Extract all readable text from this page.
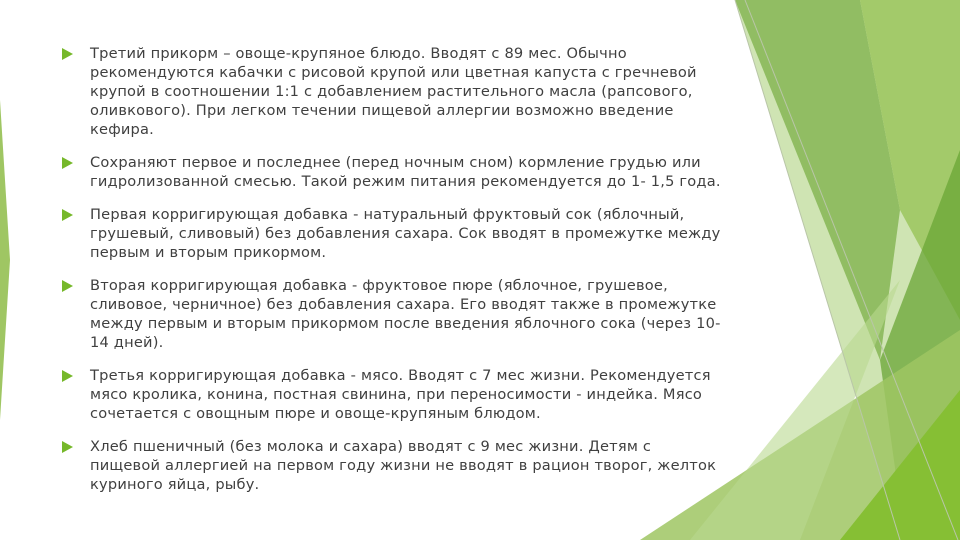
Третий прикорм – овоще-крупяное блюдо. Вводят с 89 мес. Обычно рекомендуются кабачки с рисовой крупой или цветная капуста с гречневой крупой в соотношении 1:1 с добавлением растительного масла (рапсового, оливкового). При легком течении пищевой аллергии возможно введение кефира.
Сохраняют первое и последнее (перед ночным сном) кормление грудью или гидролизованной смесью. Такой режим питания рекомендуется до 1- 1,5 года.
Первая корригирующая добавка - натуральный фруктовый сок (яблочный, грушевый, сливовый) без добавления сахара. Сок вводят в промежутке между первым и вторым прикормом.
Вторая корригирующая добавка - фруктовое пюре (яблочное, грушевое, сливовое, черничное) без добавления сахара. Его вводят также в промежутке между первым и вторым прикормом после введения яблочного сока (через 10-14 дней).
Третья корригирующая добавка - мясо. Вводят с 7 мес жизни. Рекомендуется мясо кролика, конина, постная свинина, при переносимости - индейка. Мясо сочетается с овощным пюре и овоще-крупяным блюдом.
Хлеб пшеничный (без молока и сахара) вводят с 9 мес жизни. Детям с пищевой аллергией на первом году жизни не вводят в рацион творог, желток куриного яйца, рыбу.
